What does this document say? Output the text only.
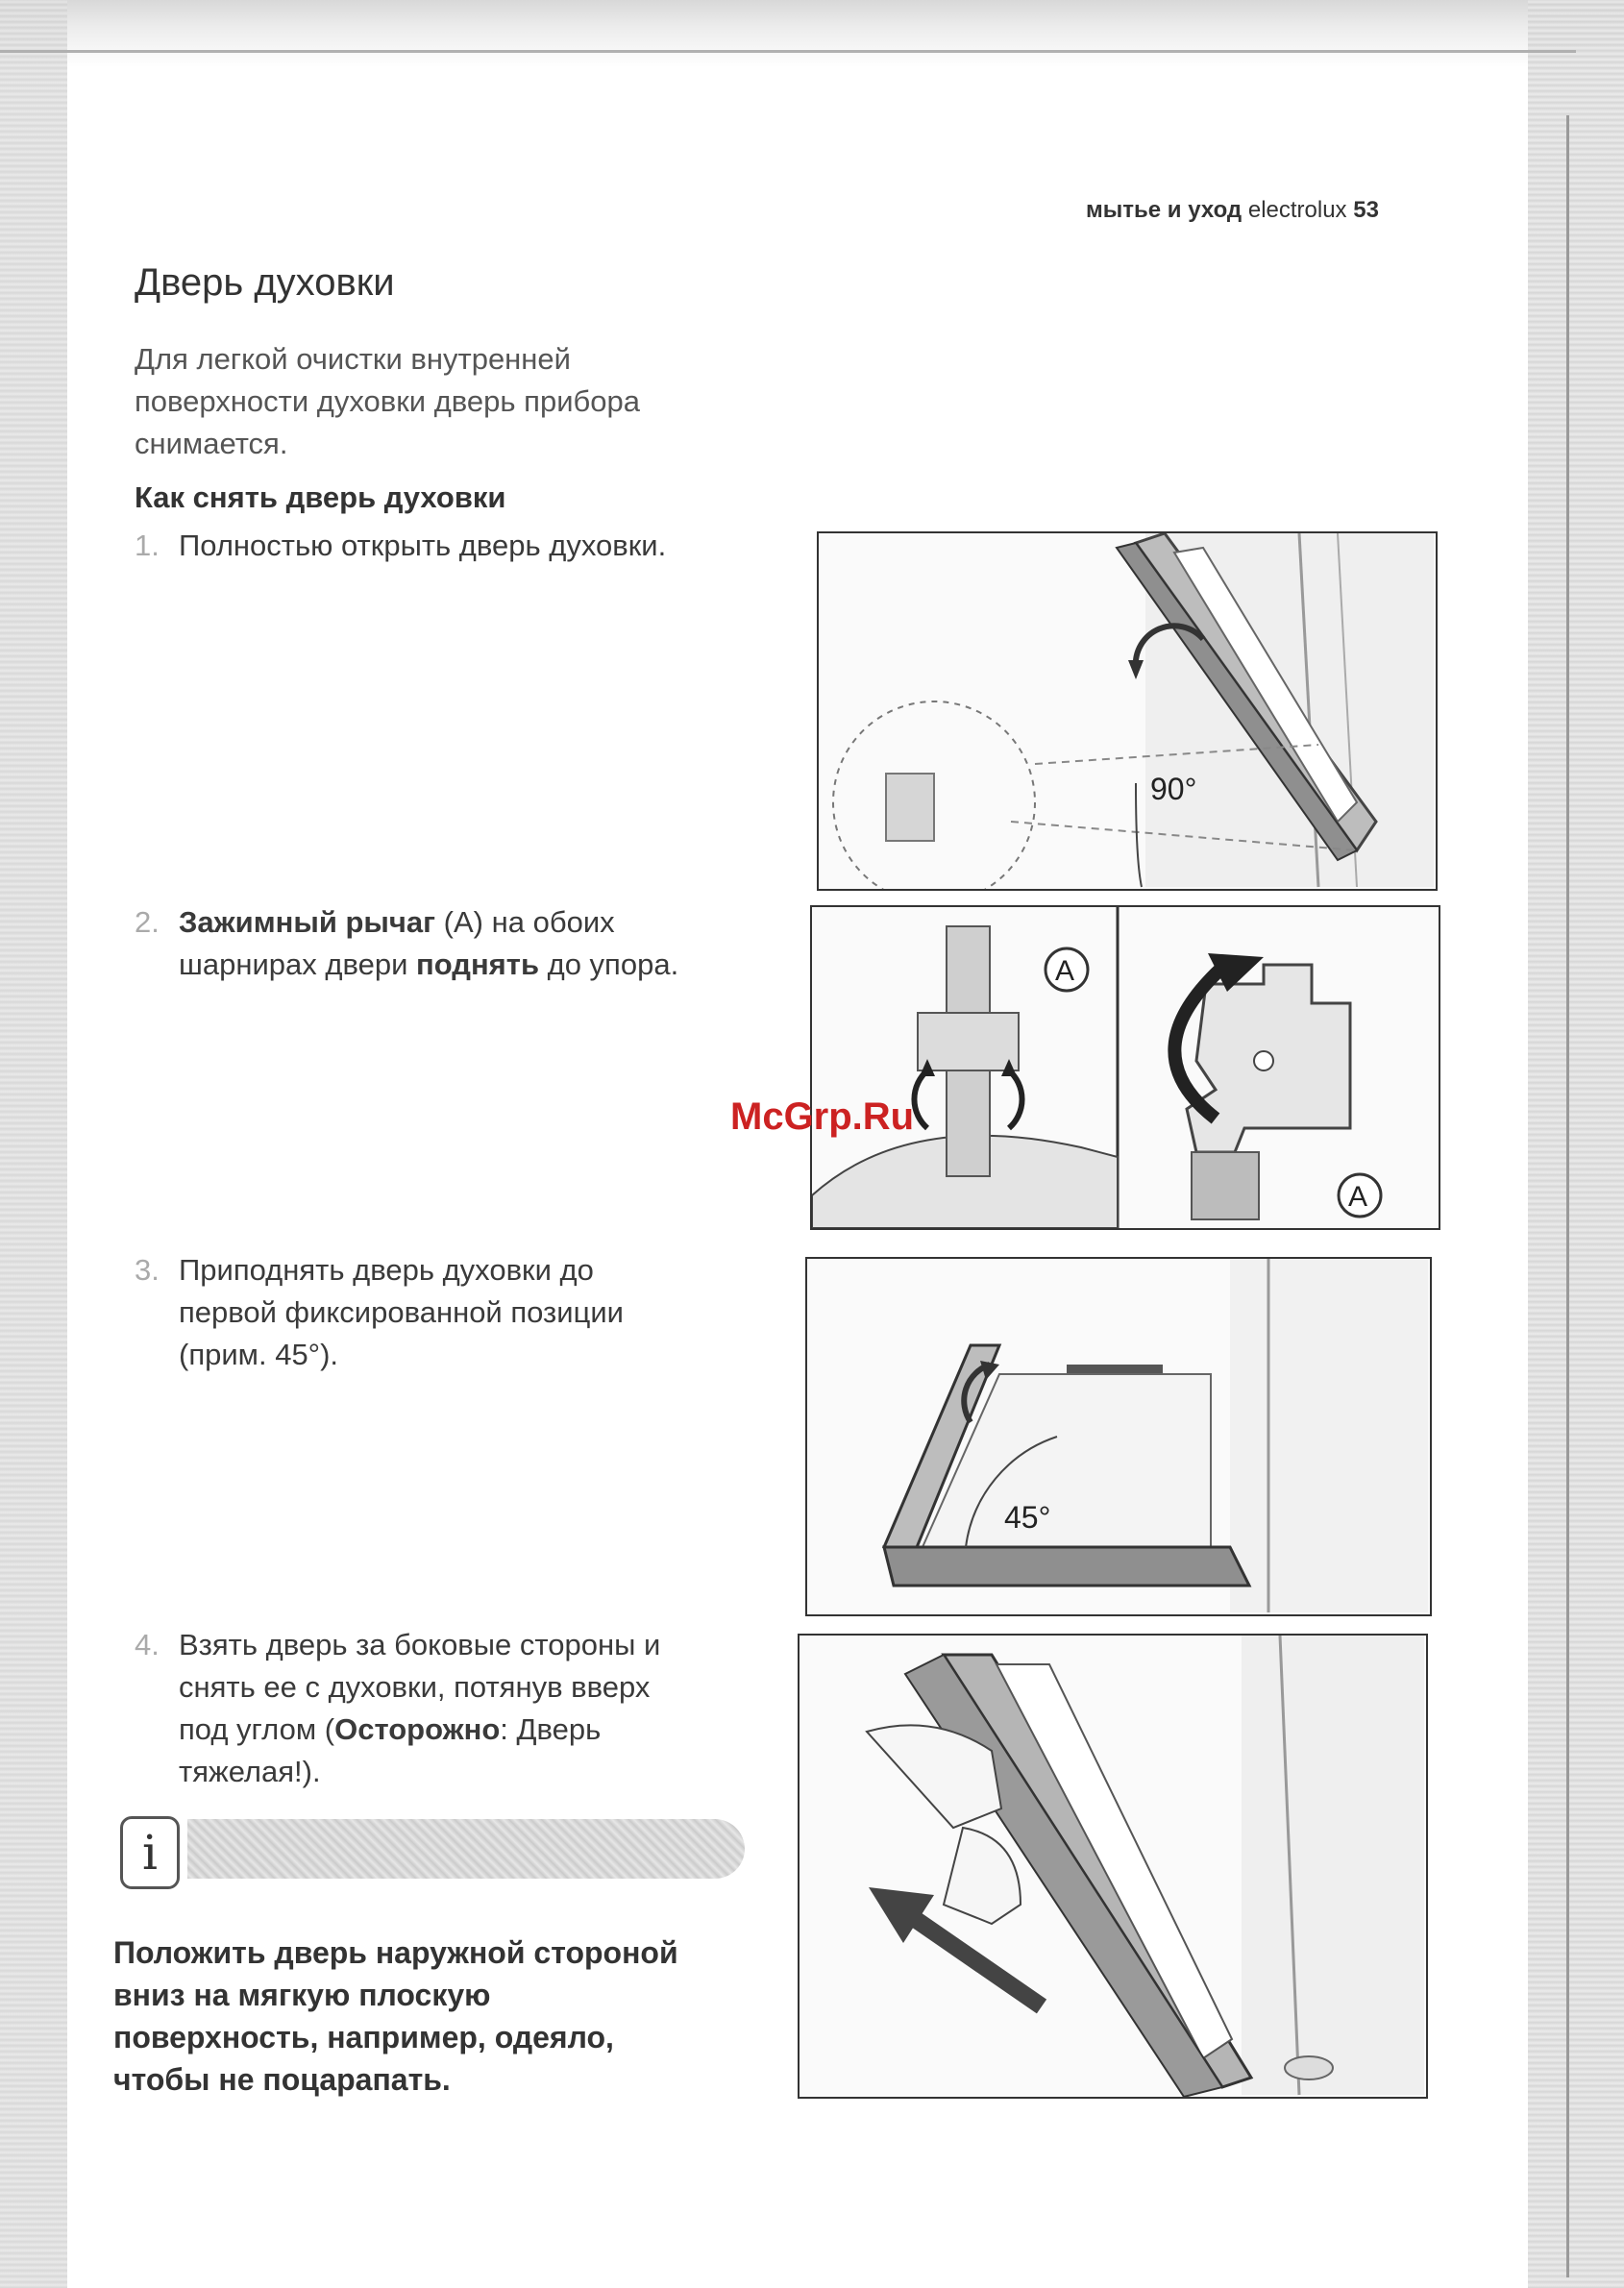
мытье и уход electrolux 53
Дверь духовки
Для легкой очистки внутренней
поверхности духовки дверь прибора
снимается.
Как снять дверь духовки
1. Полностью открыть дверь духовки.
2. Зажимный рычаг (A) на обоих
шарнирах двери поднять до упора.
3. Приподнять дверь духовки до
первой фиксированной позиции
(прим. 45°).
4. Взять дверь за боковые стороны и
снять ее с духовки, потянув вверх
под углом (Осторожно: Дверь
тяжелая!).
i
Положить дверь наружной стороной
вниз на мягкую плоскую
поверхность, например, одеяло,
чтобы не поцарапать.
90°
A
A
45°
McGrp.Ru
